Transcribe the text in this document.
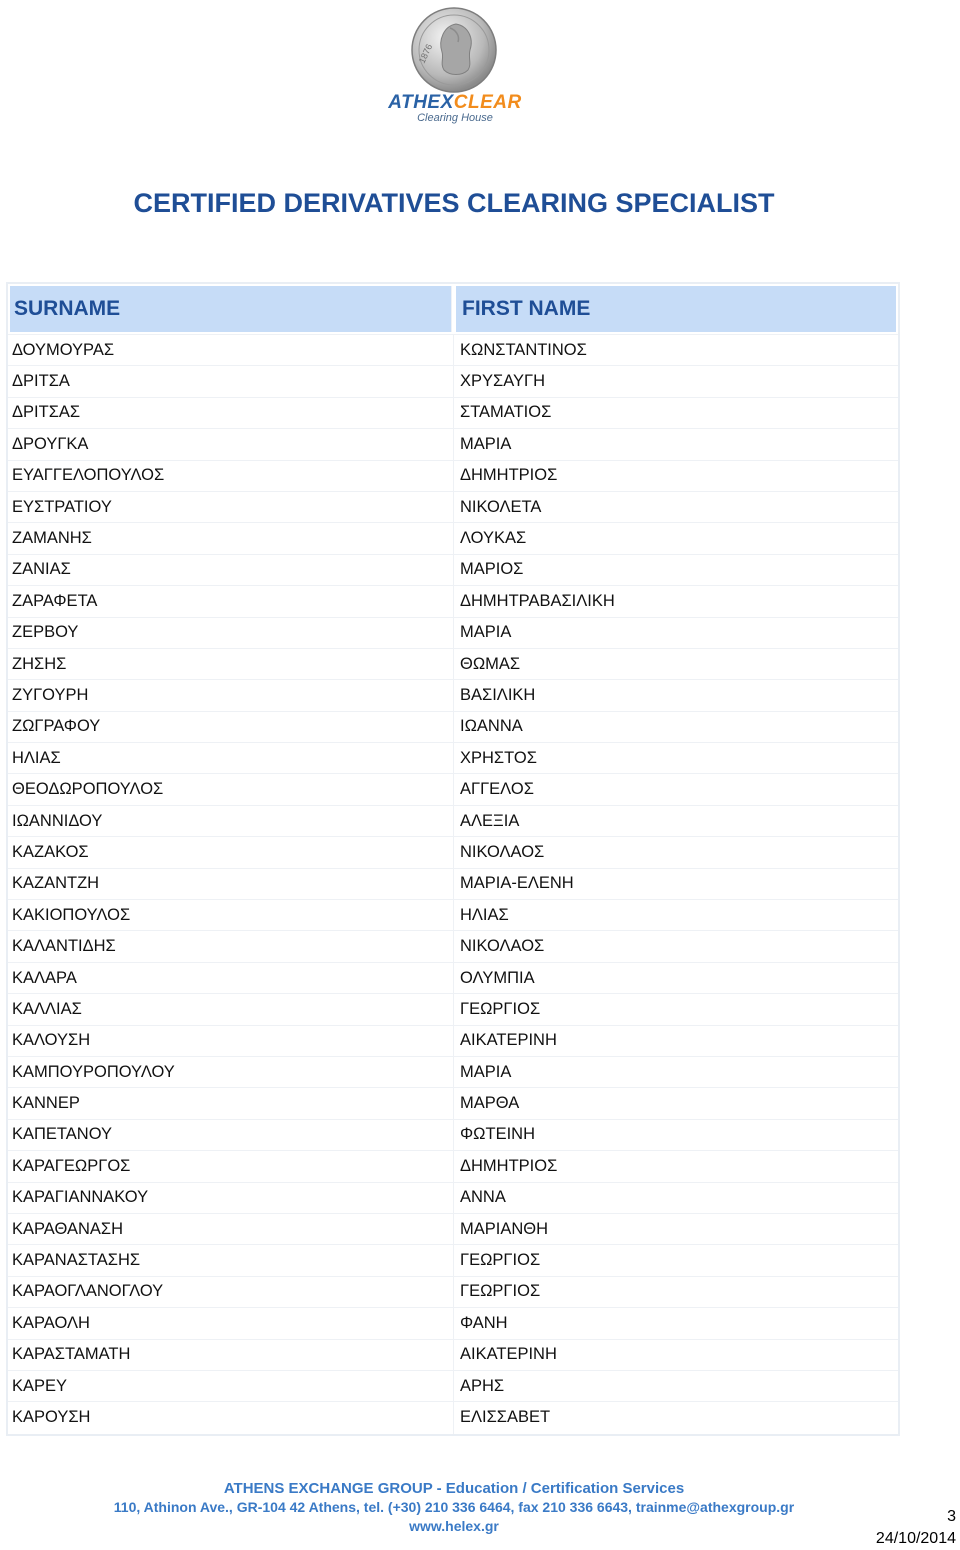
1876
ATHEXCLEAR
Clearing House
CERTIFIED DERIVATIVES CLEARING SPECIALIST
SURNAME	FIRST NAME
ΔΟΥΜΟΥΡΑΣ	ΚΩΝΣΤΑΝΤΙΝΟΣ
ΔΡΙΤΣΑ	ΧΡΥΣΑΥΓΗ
ΔΡΙΤΣΑΣ	ΣΤΑΜΑΤΙΟΣ
ΔΡΟΥΓΚΑ	ΜΑΡΙΑ
ΕΥΑΓΓΕΛΟΠΟΥΛΟΣ	ΔΗΜΗΤΡΙΟΣ
ΕΥΣΤΡΑΤΙΟΥ	ΝΙΚΟΛΕΤΑ
ΖΑΜΑΝΗΣ	ΛΟΥΚΑΣ
ΖΑΝΙΑΣ	ΜΑΡΙΟΣ
ΖΑΡΑΦΕΤΑ	ΔΗΜΗΤΡΑΒΑΣΙΛΙΚΗ
ΖΕΡΒΟΥ	ΜΑΡΙΑ
ΖΗΣΗΣ	ΘΩΜΑΣ
ΖΥΓΟΥΡΗ	ΒΑΣΙΛΙΚΗ
ΖΩΓΡΑΦΟΥ	ΙΩΑΝΝΑ
ΗΛΙΑΣ	ΧΡΗΣΤΟΣ
ΘΕΟΔΩΡΟΠΟΥΛΟΣ	ΑΓΓΕΛΟΣ
ΙΩΑΝΝΙΔΟΥ	ΑΛΕΞΙΑ
ΚΑΖΑΚΟΣ	ΝΙΚΟΛΑΟΣ
ΚΑΖΑΝΤΖΗ	ΜΑΡΙΑ-ΕΛΕΝΗ
ΚΑΚΙΟΠΟΥΛΟΣ	ΗΛΙΑΣ
ΚΑΛΑΝΤΙΔΗΣ	ΝΙΚΟΛΑΟΣ
ΚΑΛΑΡΑ	ΟΛΥΜΠΙΑ
ΚΑΛΛΙΑΣ	ΓΕΩΡΓΙΟΣ
ΚΑΛΟΥΣΗ	ΑΙΚΑΤΕΡΙΝΗ
ΚΑΜΠΟΥΡΟΠΟΥΛΟΥ	ΜΑΡΙΑ
ΚΑΝΝΕΡ	ΜΑΡΘΑ
ΚΑΠΕΤΑΝΟΥ	ΦΩΤΕΙΝΗ
ΚΑΡΑΓΕΩΡΓΟΣ	ΔΗΜΗΤΡΙΟΣ
ΚΑΡΑΓΙΑΝΝΑΚΟΥ	ΑΝΝΑ
ΚΑΡΑΘΑΝΑΣΗ	ΜΑΡΙΑΝΘΗ
ΚΑΡΑΝΑΣΤΑΣΗΣ	ΓΕΩΡΓΙΟΣ
ΚΑΡΑΟΓΛΑΝΟΓΛΟΥ	ΓΕΩΡΓΙΟΣ
ΚΑΡΑΟΛΗ	ΦΑΝΗ
ΚΑΡΑΣΤΑΜΑΤΗ	ΑΙΚΑΤΕΡΙΝΗ
ΚΑΡΕΥ	ΑΡΗΣ
ΚΑΡΟΥΣΗ	ΕΛΙΣΣΑΒΕΤ
ATHENS EXCHANGE GROUP - Education / Certification Services
110, Athinon Ave., GR-104 42 Athens, tel. (+30) 210 336 6464, fax 210 336 6643, trainme@athexgroup.gr
www.helex.gr
3
24/10/2014
